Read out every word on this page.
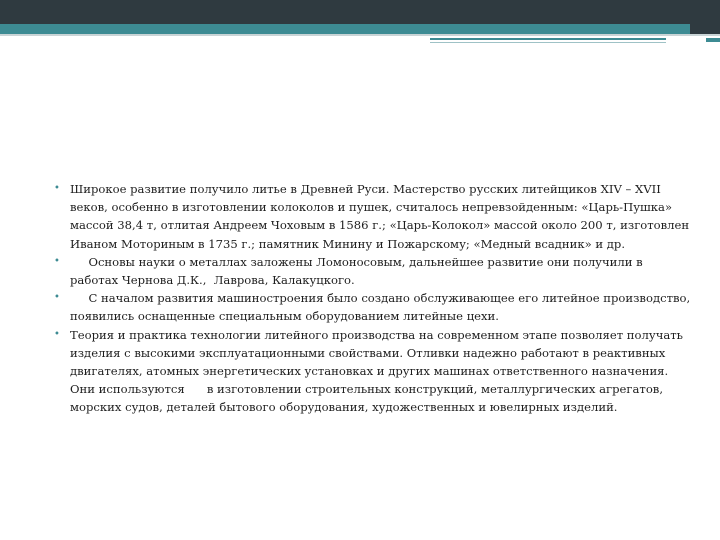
• Широкое развитие получило литье в Древней Руси. Мастерство русских литейщиков XIV – XVII веков, особенно в изготовлении колоколов и пушек, считалось непревзойденным: «Царь-Пушка» массой 38,4 т, отлитая Андреем Чоховым в 1586 г.; «Царь-Колокол» массой около 200 т, изготовлен Иваном Моториным в 1735 г.; памятник Минину и Пожарскому; «Медный всадник» и др.
• Основы науки о металлах заложены Ломоносовым, дальнейшее развитие они получили в работах Чернова Д.К.,  Лаврова, Калакуцкого.
• С началом развития машиностроения было создано обслуживающее его литейное производство, появились оснащенные специальным оборудованием литейные цехи.
• Теория и практика технологии литейного производства на современном этапе позволяет получать изделия с высокими эксплуатационными свойствами. Отливки надежно работают в реактивных двигателях, атомных энергетических установках и других машинах ответственного назначения. Они используются      в изготовлении строительных конструкций, металлургических агрегатов, морских судов, деталей бытового оборудования, художественных и ювелирных изделий.
